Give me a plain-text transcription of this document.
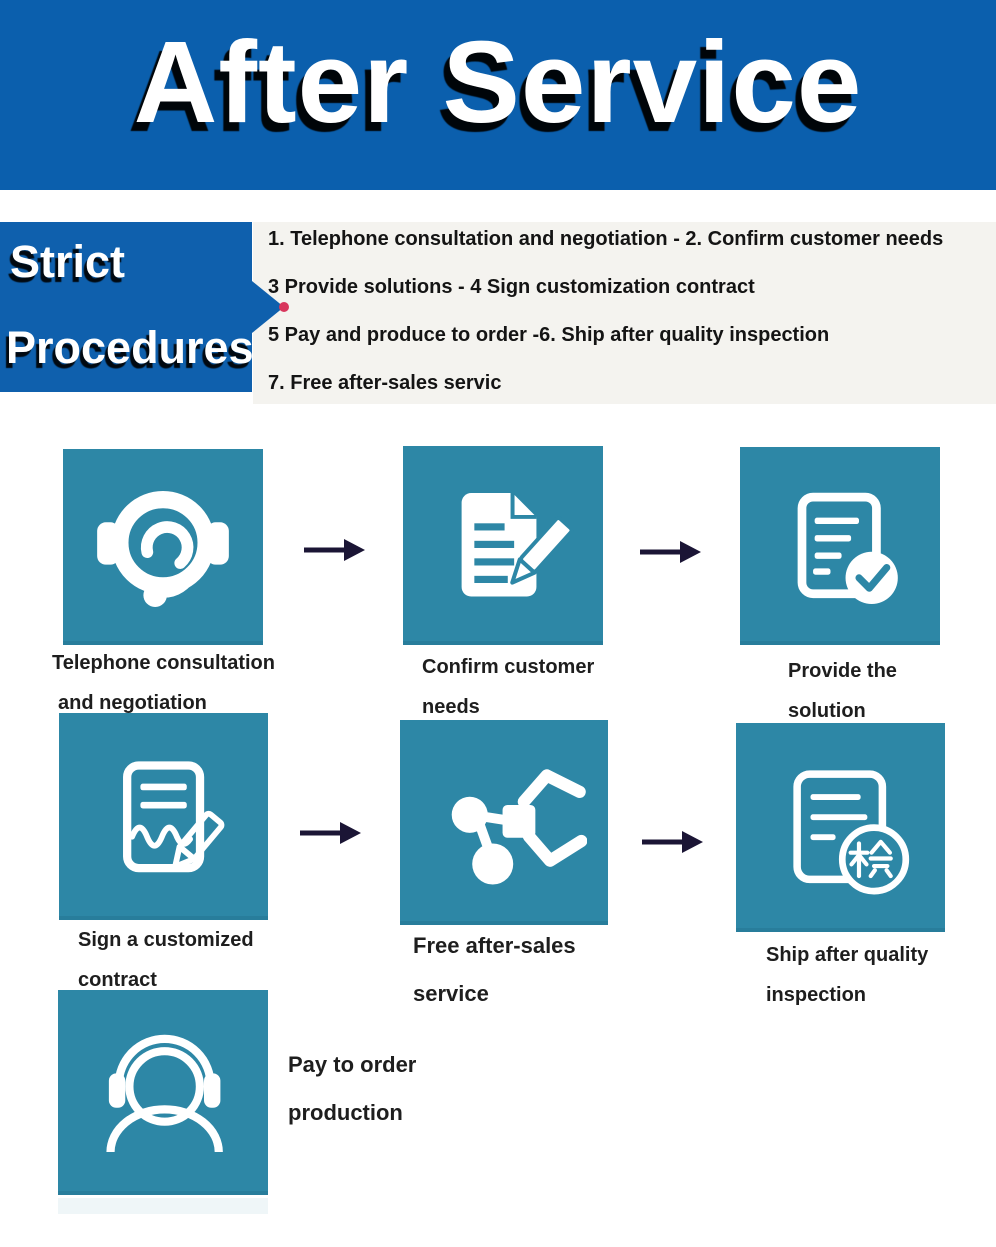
After Service
Strict
Procedures
1. Telephone consultation and negotiation - 2. Confirm customer needs
3 Provide solutions - 4 Sign customization contract
5 Pay and produce to order -6. Ship after quality inspection
7. Free after-sales servic
Telephone consultation
and negotiation
Confirm customer
needs
Provide the
solution
Sign a customized
contract
Free after-sales
service
Ship after quality
inspection
Pay to order
production
